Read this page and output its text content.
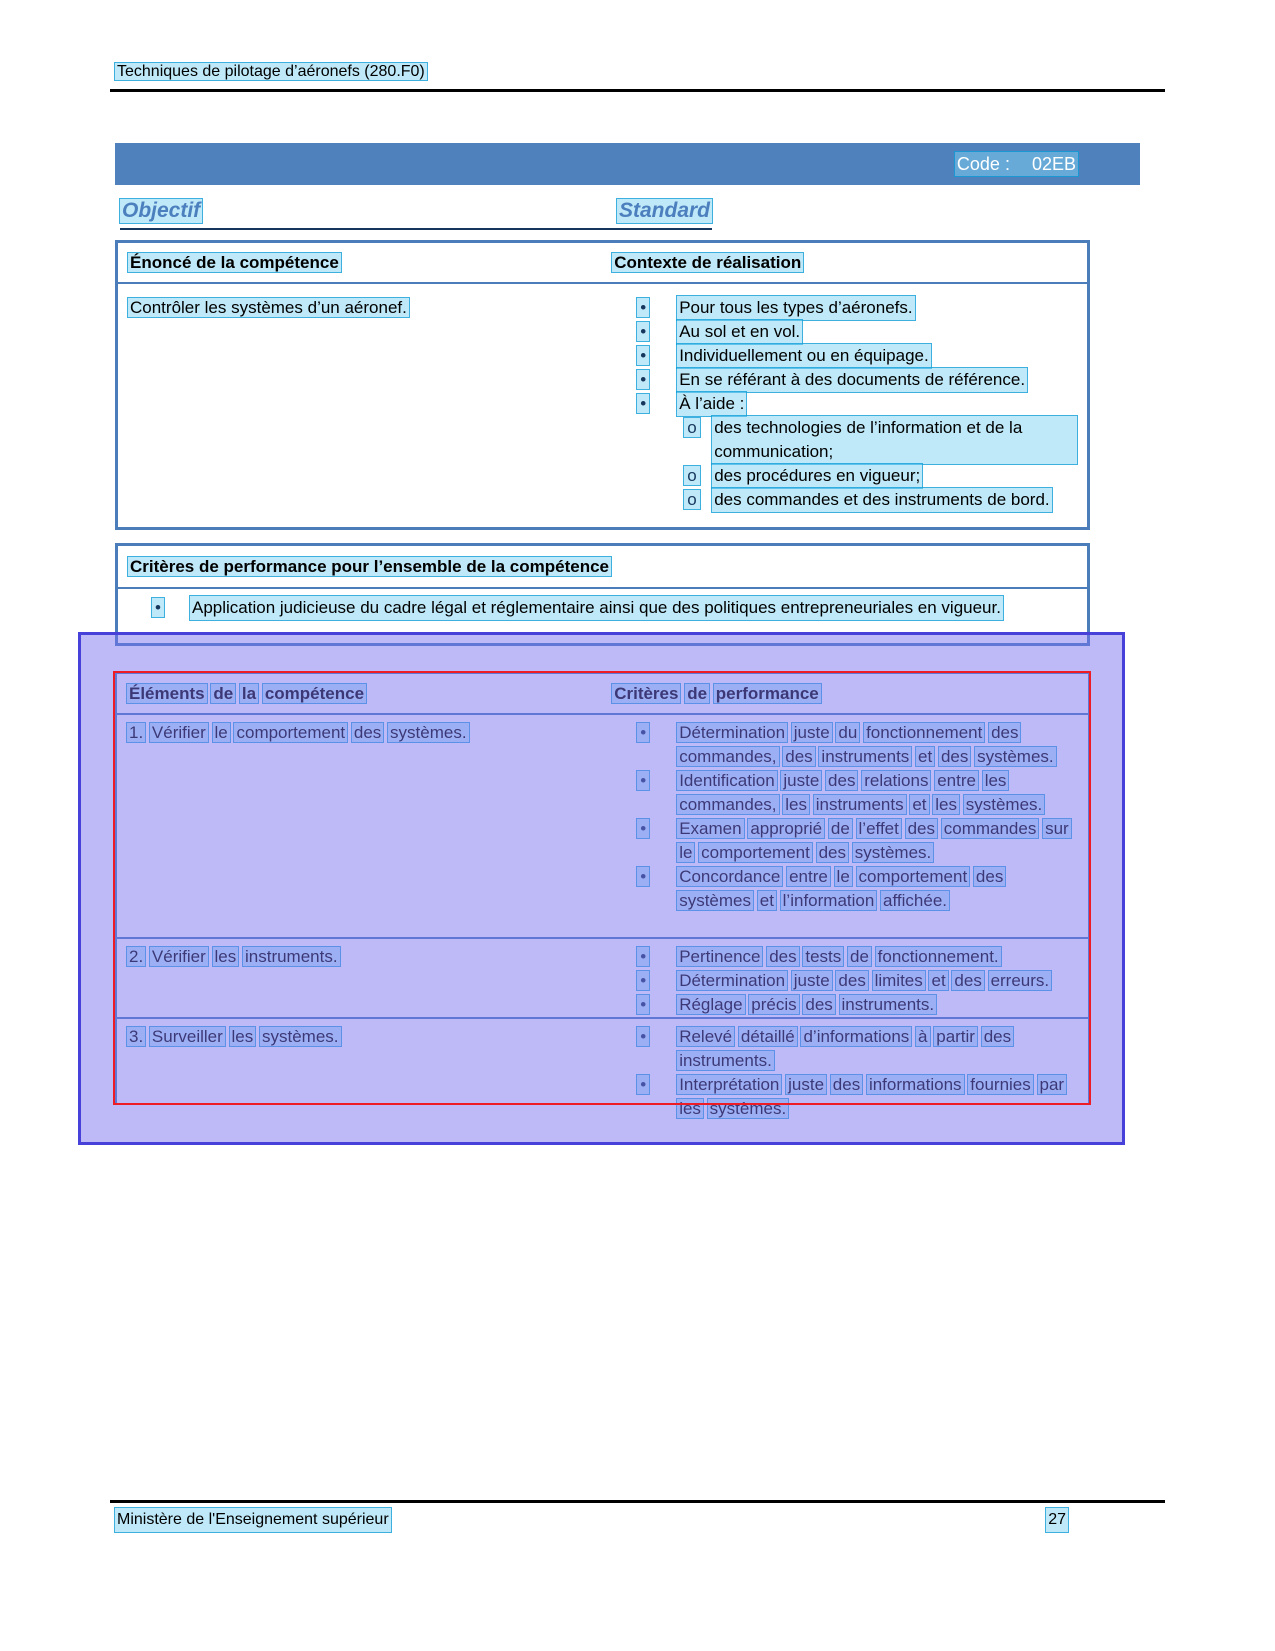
Techniques de pilotage d’aéronefs (280.F0)
Code : 02EB
Objectif	Standard
Énoncé de la compétence	Contexte de réalisation
Contrôler les systèmes d’un aéronef.	•	Pour tous les types d’aéronefs.
•	Au sol et en vol.
•	Individuellement ou en équipage.
•	En se référant à des documents de référence.
•	À l’aide :
o	des technologies de l’information et de la communication;
o	des procédures en vigueur;
o	des commandes et des instruments de bord.
Critères de performance pour l’ensemble de la compétence
•	Application judicieuse du cadre légal et réglementaire ainsi que des politiques entrepreneuriales en vigueur.
Éléments de la compétence	Critères de performance
1. Vérifier le comportement des systèmes.	•	Détermination juste du fonctionnement des commandes, des instruments et des systèmes.
•	Identification juste des relations entre les commandes, les instruments et les systèmes.
•	Examen approprié de l’effet des commandes sur le comportement des systèmes.
•	Concordance entre le comportement des systèmes et l’information affichée.
2. Vérifier les instruments.	•	Pertinence des tests de fonctionnement.
•	Détermination juste des limites et des erreurs.
•	Réglage précis des instruments.
3. Surveiller les systèmes.	•	Relevé détaillé d’informations à partir des instruments.
•	Interprétation juste des informations fournies par les systèmes.
Ministère de l'Enseignement supérieur	27
